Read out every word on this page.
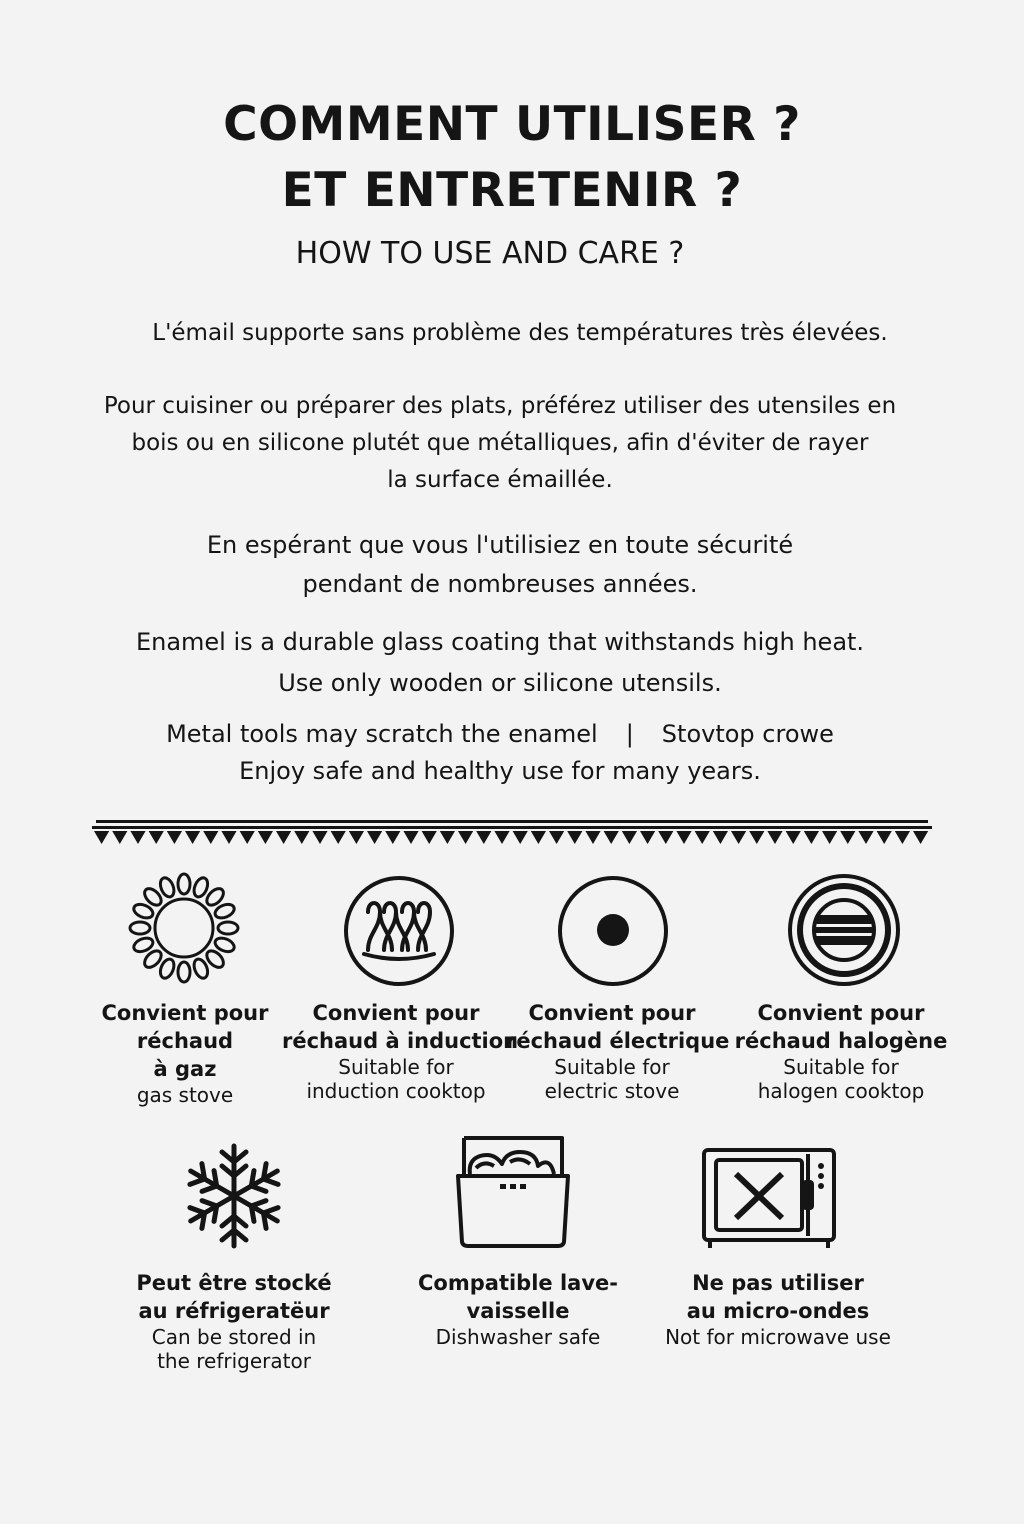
COMMENT UTILISER ?
ET ENTRETENIR ?
HOW TO USE AND CARE ?
L'émail supporte sans problème des températures très élevées.
Pour cuisiner ou préparer des plats, préférez utiliser des utensiles en
bois ou en silicone plutét que métalliques, afin d'éviter de rayer
la surface émaillée.
En espérant que vous l'utilisiez en toute sécurité
pendant de nombreuses années.
Enamel is a durable glass coating that withstands high heat.
Use only wooden or silicone utensils.
Metal tools may scratch the enamel | Stovtop crowe
Enjoy safe and healthy use for many years.
Convient pour
réchaud
à gaz
gas stove
Convient pour
réchaud à induction
Suitable for
induction cooktop
Convient pour
réchaud électrique
Suitable for
electric stove
Convient pour
réchaud halogène
Suitable for
halogen cooktop
Peut être stocké
au réfrigeratëur
Can be stored in
the refrigerator
Compatible lave-
vaisselle
Dishwasher safe
Ne pas utiliser
au micro-ondes
Not for microwave use
